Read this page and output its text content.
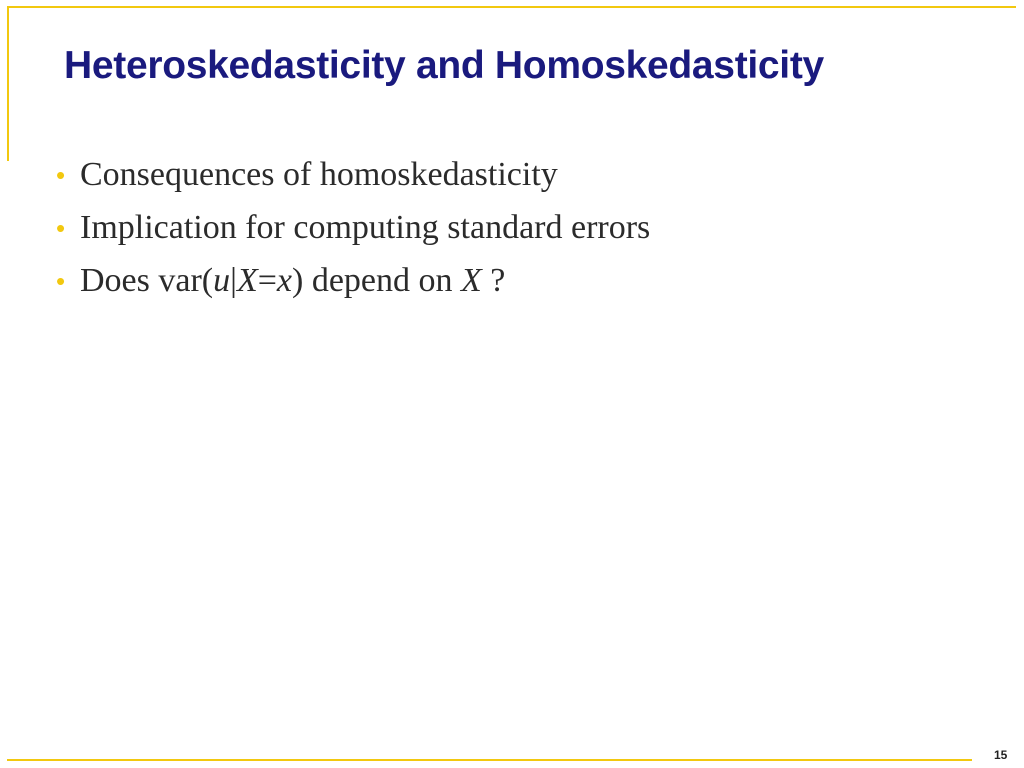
Heteroskedasticity and Homoskedasticity
• Consequences of homoskedasticity
• Implication for computing standard errors
• Does var(u|X=x) depend on X ?
15
